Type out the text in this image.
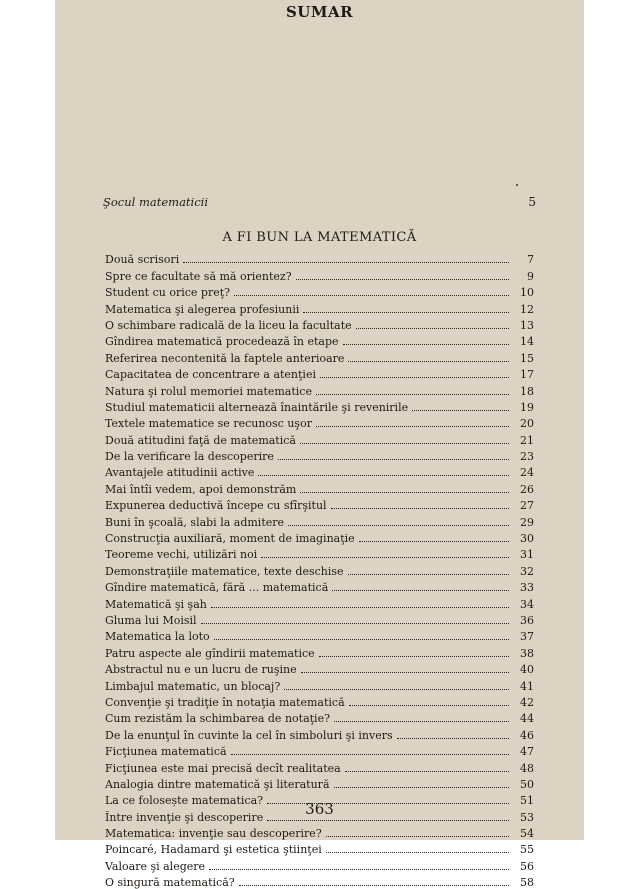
SUMAR
Şocul matematicii	5
A FI BUN LA MATEMATICĂ
Două scrisori	7
Spre ce facultate să mă orientez?	9
Student cu orice preţ?	10
Matematica şi alegerea profesiunii	12
O schimbare radicală de la liceu la facultate	13
Gîndirea matematică procedează în etape	14
Referirea necontenită la faptele anterioare	15
Capacitatea de concentrare a atenţiei	17
Natura şi rolul memoriei matematice	18
Studiul matematicii alternează înaintările şi revenirile	19
Textele matematice se recunosc uşor	20
Două atitudini faţă de matematică	21
De la verificare la descoperire	23
Avantajele atitudinii active	24
Mai întîi vedem, apoi demonstrăm	26
Expunerea deductivă începe cu sfîrşitul	27
Buni în şcoală, slabi la admitere	29
Construcţia auxiliară, moment de imaginaţie	30
Teoreme vechi, utilizări noi	31
Demonstraţiile matematice, texte deschise	32
Gîndire matematică, fără ... matematică	33
Matematică şi şah	34
Gluma lui Moisil	36
Matematica la loto	37
Patru aspecte ale gîndirii matematice	38
Abstractul nu e un lucru de ruşine	40
Limbajul matematic, un blocaj?	41
Convenţie şi tradiţie în notaţia matematică	42
Cum rezistăm la schimbarea de notaţie?	44
De la enunţul în cuvinte la cel în simboluri şi invers	46
Ficţiunea matematică	47
Ficţiunea este mai precisă decît realitatea	48
Analogia dintre matematică şi literatură	50
La ce folosește matematica?	51
Între invenţie şi descoperire	53
Matematica: invenţie sau descoperire?	54
Poincaré, Hadamard şi estetica ştiinţei	55
Valoare şi alegere	56
O singură matematică?	58
363
